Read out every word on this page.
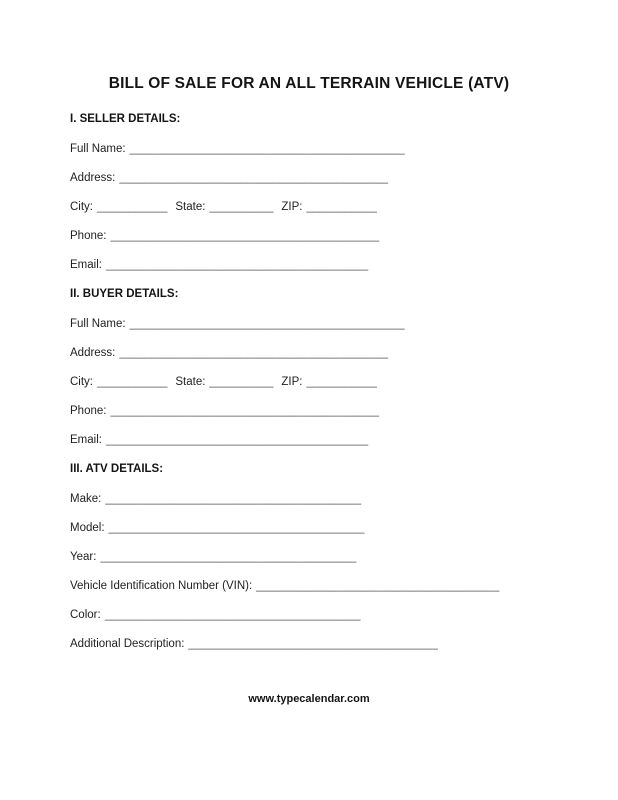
BILL OF SALE FOR AN ALL TERRAIN VEHICLE (ATV)
I. SELLER DETAILS:
Full Name: ___________________________________________
Address: __________________________________________
City: ___________ State: __________ ZIP: ___________
Phone: __________________________________________
Email: _________________________________________
II. BUYER DETAILS:
Full Name: ___________________________________________
Address: __________________________________________
City: ___________ State: __________ ZIP: ___________
Phone: __________________________________________
Email: _________________________________________
III. ATV DETAILS:
Make: ________________________________________
Model: ________________________________________
Year: ________________________________________
Vehicle Identification Number (VIN): ______________________________________
Color: ________________________________________
Additional Description: _______________________________________
www.typecalendar.com
